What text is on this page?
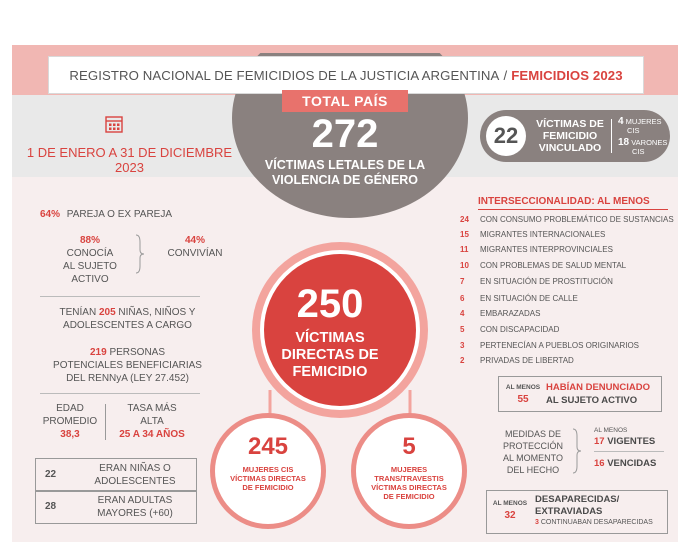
REGISTRO NACIONAL DE FEMICIDIOS DE LA JUSTICIA ARGENTINA / FEMICIDIOS 2023
TOTAL PAÍS
272
VÍCTIMAS LETALES DE LA
VIOLENCIA DE GÉNERO
1 DE ENERO A 31 DE DICIEMBRE 2023
22	VÍCTIMAS DE
FEMICIDIO
VINCULADO
4 MUJERES
CIS
18 VARONES
CIS
64% PAREJA O EX PAREJA
88%
CONOCÍA
AL SUJETO
ACTIVO
44%
CONVIVÍAN
TENÍAN 205 NIÑAS, NIÑOS Y
ADOLESCENTES A CARGO
219 PERSONAS
POTENCIALES BENEFICIARIAS
DEL RENNyA (LEY 27.452)
EDAD
PROMEDIO
38,3
TASA MÁS
ALTA
25 A 34 AÑOS
22
ERAN NIÑAS O
ADOLESCENTES
28
ERAN ADULTAS
MAYORES (+60)
250
VÍCTIMAS
DIRECTAS DE
FEMICIDIO
245
MUJERES CIS
VÍCTIMAS DIRECTAS
DE FEMICIDIO
5
MUJERES
TRANS/TRAVESTIS
VÍCTIMAS DIRECTAS
DE FEMICIDIO
INTERSECCIONALIDAD: AL MENOS
24	CON CONSUMO PROBLEMÁTICO DE SUSTANCIAS
15	MIGRANTES INTERNACIONALES
11	MIGRANTES INTERPROVINCIALES
10	CON PROBLEMAS DE SALUD MENTAL
7	EN SITUACIÓN DE PROSTITUCIÓN
6	EN SITUACIÓN DE CALLE
4	EMBARAZADAS
5	CON DISCAPACIDAD
3	PERTENECÍAN A PUEBLOS ORIGINARIOS
2	PRIVADAS DE LIBERTAD
AL MENOS
55
HABÍAN DENUNCIADO
AL SUJETO ACTIVO
MEDIDAS DE
PROTECCIÓN
AL MOMENTO
DEL HECHO
AL MENOS
17 VIGENTES
16 VENCIDAS
AL MENOS
32
DESAPARECIDAS/
EXTRAVIADAS
3 CONTINUABAN DESAPARECIDAS
